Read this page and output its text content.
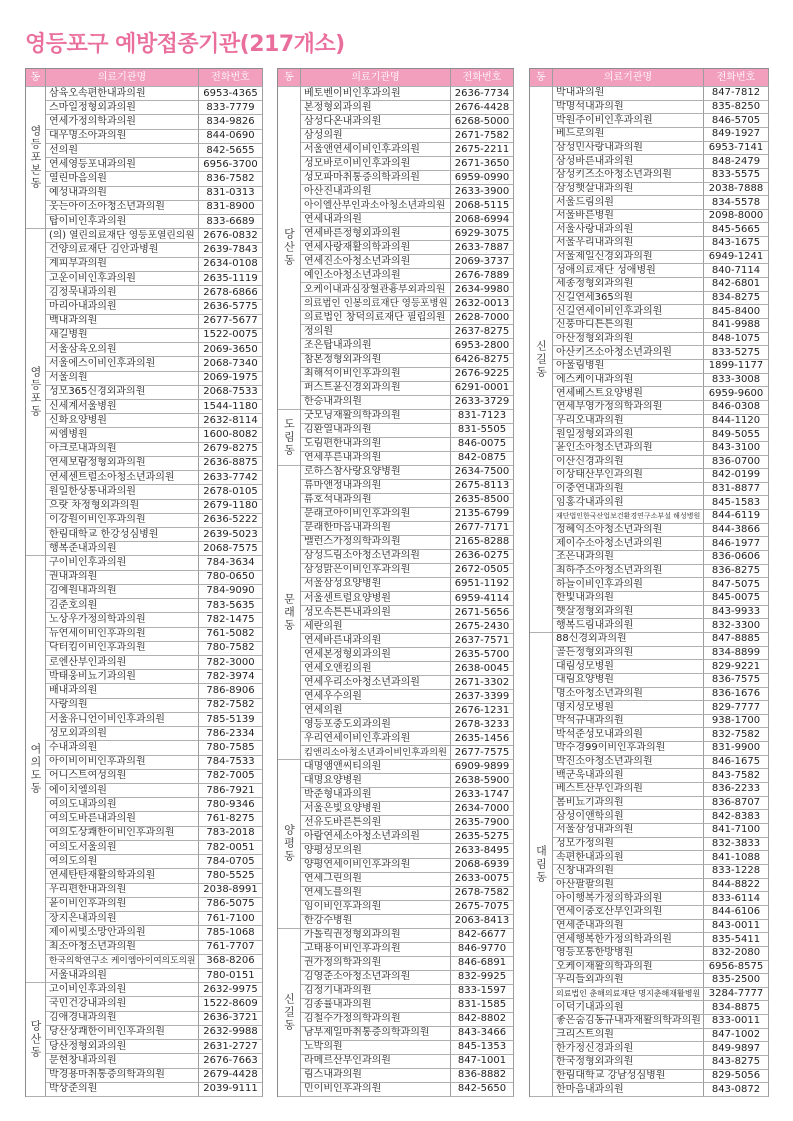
영등포구 예방접종기관(217개소)
동	의료기관명	전화번호
영등포본동
삼육오속편한내과의원	6953-4365
스마일정형외과의원	833-7779
연세가정의학과의원	834-9826
대우명소아과의원	844-0690
선의원	842-5655
연세영등포내과의원	6956-3700
열린마음의원	836-7582
예성내과의원	831-0313
웃는아이소아청소년과의원	831-8900
탑이비인후과의원	833-6689
영등포동
(의) 열린의료재단 영등포열린의원 2676-0832
건양의료재단 김안과병원	2639-7843
계피부과의원	2634-0108
고운이비인후과의원	2635-1119
김정묵내과의원	2678-6866
마리아내과의원	2636-5775
백내과의원	2677-5677
새길병원	1522-0075
서울삼육오의원	2069-3650
서울에스이비인후과의원	2068-7340
서울의원	2069-1975
성모365신경외과의원	2068-7533
신세계서울병원	1544-1180
신화요양병원	2632-8114
씨엠병원	1600-8082
아크로내과의원	2679-8275
연세보람정형외과의원	2636-8875
연세센트럴소아청소년과의원	2633-7742
원일한상통내과의원	2678-0105
으랏 차정형외과의원	2679-1180
이강원이비인후과의원	2636-5222
한림대학교 한강성심병원	2639-5023
행복준내과의원	2068-7575
여의도동
구이비인후과의원	784-3634
권내과의원	780-0650
김예원내과의원	784-9090
김준호의원	783-5635
노상우가정의학과의원	782-1475
뉴연세이비인후과의원	761-5082
닥터킴이비인후과의원	780-7582
로엔산부인과의원	782-3000
박태웅비뇨기과의원	782-3974
배내과의원	786-8906
사랑의원	782-7582
서울유니언이비인후과의원	785-5139
성모외과의원	786-2334
수내과의원	780-7585
아이비이비인후과의원	784-7533
어니스트여성의원	782-7005
에이치엘의원	786-7921
여의도내과의원	780-9346
여의도바른내과의원	761-8275
여의도상쾌한이비인후과의원	783-2018
여의도서울의원	782-0051
여의도의원	784-0705
연세탄탄재활의학과의원	780-5525
우리편한내과의원	2038-8991
윤이비인후과의원	786-5075
장지은내과의원	761-7100
제이씨빛소망안과의원	785-1068
최소아청소년과의원	761-7707
한국의학연구소 케이엠아이여의도의원 368-8206
서울내과의원	780-0151
당산동
고이비인후과의원	2632-9975
국민건강내과의원	1522-8609
김애경내과의원	2636-3721
당산상쾌한이비인후과의원	2632-9988
당산정형외과의원	2631-2727
문현창내과의원	2676-7663
박경용마취통증의학과의원	2679-4428
박상준의원	2039-9111
동	의료기관명	전화번호
당산동
베토벤이비인후과의원	2636-7734
본정형외과의원	2676-4428
삼성다온내과의원	6268-5000
삼성의원	2671-7582
서울앤연세이비인후과의원	2675-2211
성모바로이비인후과의원	2671-3650
성모파마취통증의학과의원	6959-0990
아산진내과의원	2633-3900
아이엘산부인과소아청소년과의원 2068-5115
연세내과의원	2068-6994
연세바른정형외과의원	6929-3075
연세사랑재활의학과의원	2633-7887
연세진소아청소년과의원	2069-3737
예인소아청소년과의원	2676-7889
오케이내과심장혈관흉부외과의원 2634-9980
의료법인 인봉의료재단 영등포병원 2632-0013
의료법인 창덕의료재단 필립의원 2628-7000
정의원	2637-8275
조은탑내과의원	6953-2800
참본정형외과의원	6426-8275
최해석이비인후과의원	2676-9225
퍼스트윤신경외과의원	6291-0001
한승내과의원	2633-3729
도림동
굿모닝재활의학과의원	831-7123
김환열내과의원	831-5505
도림편한내과의원	846-0075
연세푸른내과의원	842-0875
문래동
로하스참사랑요양병원	2634-7500
류마앤정내과의원	2675-8113
류호석내과의원	2635-8500
문래코아이비인후과의원	2135-6799
문래한마음내과의원	2677-7171
밸런스가정의학과의원	2165-8288
삼성드림소아청소년과의원	2636-0275
삼성맑은이비인후과의원	2672-0505
서울삼성요양병원	6951-1192
서울센트럴요양병원	6959-4114
성모속튼튼내과의원	2671-5656
세란의원	2675-2430
연세바른내과의원	2637-7571
연세본정형외과의원	2635-5700
연세오앤킴의원	2638-0045
연세우리소아청소년과의원	2671-3302
연세우수의원	2637-3399
연세의원	2676-1231
영등포중도외과의원	2678-3233
우리연세이비인후과의원	2635-1456
킴앤리소아청소년과이비인후과의원 2677-7575
양평동
대명앰앤씨티의원	6909-9899
대명요양병원	2638-5900
박준형내과의원	2633-1747
서울은빛요양병원	2634-7000
선유도바른튼의원	2635-7900
아람연세소아청소년과의원	2635-5275
양평성모의원	2633-8495
양평연세이비인후과의원	2068-6939
연세그린의원	2633-0075
연세노블의원	2678-7582
임이비인후과의원	2675-7075
한강수병원	2063-8413
신길동
가톨릭권정형외과의원	842-6677
고태용이비인후과의원	846-9770
권가정의학과의원	846-6891
김영준소아청소년과의원	832-9925
김정기내과의원	833-1597
김종률내과의원	831-1585
김철수가정의학과의원	842-8802
남부제일마취통증의학과의원	843-3466
노박의원	845-1353
라메르산부인과의원	847-1001
림스내과의원	836-8882
민이비인후과의원	842-5650
동	의료기관명	전화번호
신길동
박내과의원	847-7812
박명석내과의원	835-8250
박원주이비인후과의원	846-5705
베드로의원	849-1927
삼성민사랑내과의원	6953-7141
삼성바른내과의원	848-2479
삼성키즈소아청소년과의원	833-5575
삼성햇살내과의원	2038-7888
서울드림의원	834-5578
서울바른병원	2098-8000
서울사랑내과의원	845-5665
서울우리내과의원	843-1675
서울제일신경외과의원	6949-1241
성애의료재단 성애병원	840-7114
세종정형외과의원	842-6801
신길연세365의원	834-8275
신길연세이비인후과의원	845-8400
신풍마디튼튼의원	841-9988
아산정형외과의원	848-1075
아산키즈소아청소년과의원	833-5275
아울림병원	1899-1177
에스케이내과의원	833-3008
연세베스트요양병원	6959-9600
연세부영가정의학과의원	846-0308
우리오내과의원	844-1120
원일정형외과의원	849-5055
윤인소아청소년과의원	843-3100
이산신경과의원	836-0700
이상태산부인과의원	842-0199
이중연내과의원	831-8877
임홍각내과의원	845-1583
재단법인한국산업보건환경연구소부설 해성병원 844-6119
정혜익소아청소년과의원	844-3866
제이수소아청소년과의원	846-1977
조은내과의원	836-0606
최하주소아청소년과의원	836-8275
하늘이비인후과의원	847-5075
한빛내과의원	845-0075
햇살정형외과의원	843-9933
행복드림내과의원	832-3300
대림동
88신경외과의원	847-8885
골든정형외과의원	834-8899
대림성모병원	829-9221
대림요양병원	836-7575
명소아청소년과의원	836-1676
명지성모병원	829-7777
박석규내과의원	938-1700
박석준성모내과의원	832-7582
박수경99이비인후과의원	831-9900
박진소아청소년과의원	846-1675
백군욱내과의원	843-7582
베스트산부인과의원	836-2233
봄비뇨기과의원	836-8707
삼성이앤학의원	842-8383
서울삼성내과의원	841-7100
성모가정의원	832-3833
속편한내과의원	841-1088
신창내과의원	833-1228
아산팔팔의원	844-8822
아이행복가정의학과의원	833-6114
연세이충호산부인과의원	844-6106
연세준내과의원	843-0011
연세행복한가정의학과의원	835-5411
영등포통한방병원	832-2080
오케이재활의학과의원	6956-8575
우리들외과의원	835-2500
의료법인 춘해의료재단 명지춘해재활병원 3284-7777
이덕기내과의원	834-8875
좋은숨김동규내과재활의학과의원 833-0011
크리스트의원	847-1002
한가정신경과의원	849-9897
한국정형외과의원	843-8275
한림대학교 강남성심병원	829-5056
한마음내과의원	843-0872
